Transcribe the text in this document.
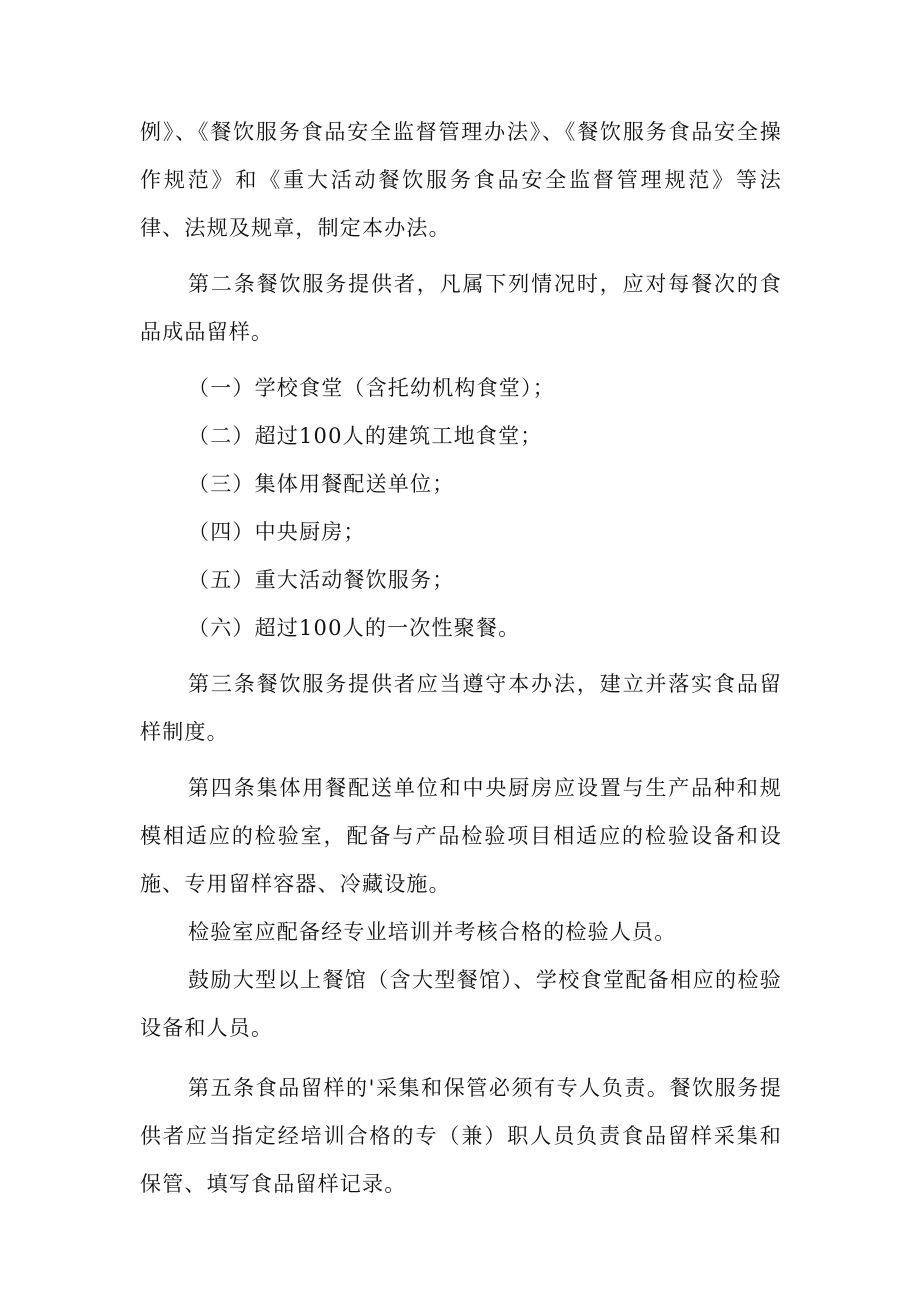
例》、《餐饮服务食品安全监督管理办法》、《餐饮服务食品安全操作规范》和《重大活动餐饮服务食品安全监督管理规范》等法律、法规及规章，制定本办法。

第二条餐饮服务提供者，凡属下列情况时，应对每餐次的食品成品留样。

（一）学校食堂（含托幼机构食堂）；

（二）超过100人的建筑工地食堂；

（三）集体用餐配送单位；

（四）中央厨房；

（五）重大活动餐饮服务；

（六）超过100人的一次性聚餐。

第三条餐饮服务提供者应当遵守本办法，建立并落实食品留样制度。

第四条集体用餐配送单位和中央厨房应设置与生产品种和规模相适应的检验室，配备与产品检验项目相适应的检验设备和设施、专用留样容器、冷藏设施。

检验室应配备经专业培训并考核合格的检验人员。

鼓励大型以上餐馆（含大型餐馆）、学校食堂配备相应的检验设备和人员。

第五条食品留样的'采集和保管必须有专人负责。餐饮服务提供者应当指定经培训合格的专（兼）职人员负责食品留样采集和保管、填写食品留样记录。
